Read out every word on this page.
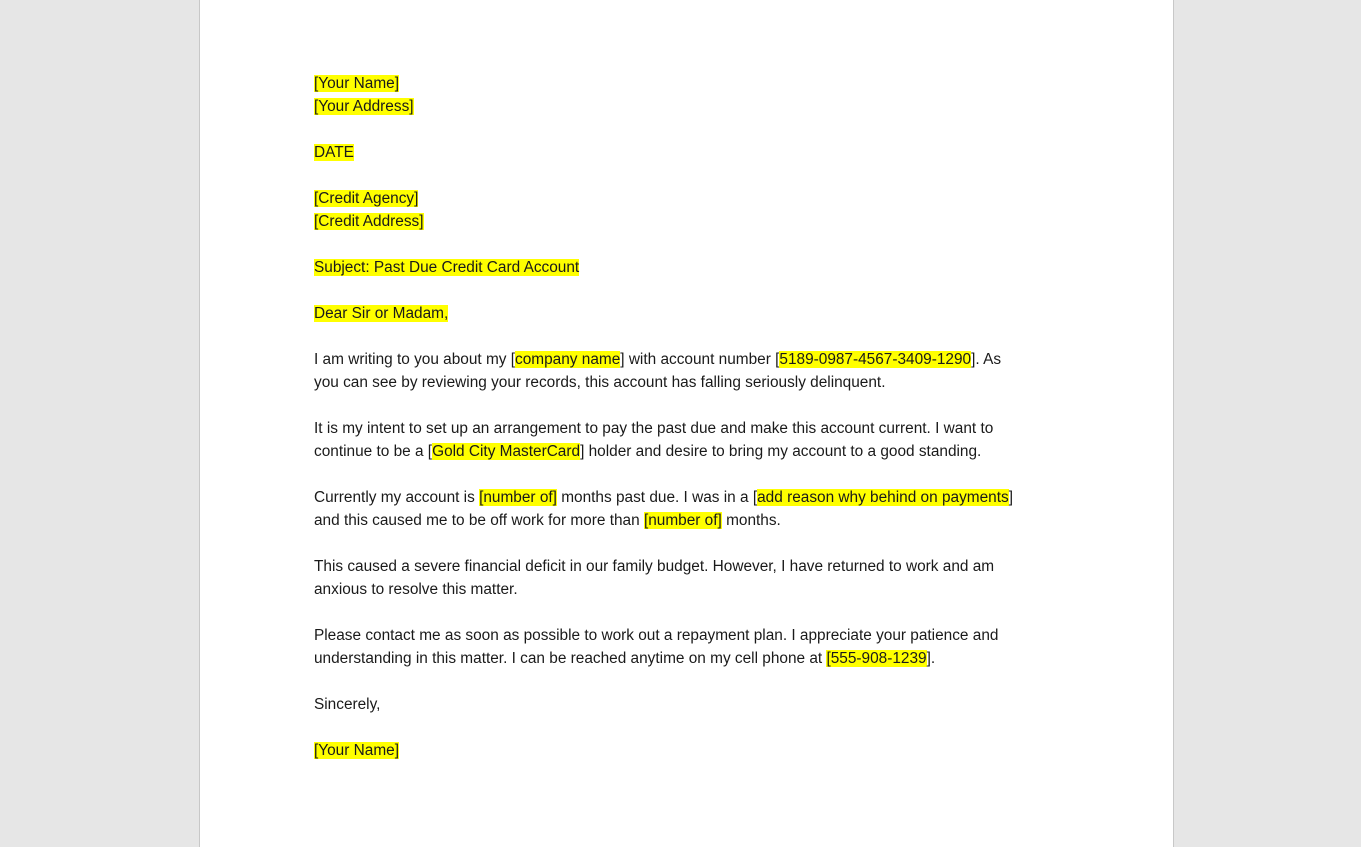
[Your Name]
[Your Address]
DATE
[Credit Agency]
[Credit Address]
Subject: Past Due Credit Card Account
Dear Sir or Madam,
I am writing to you about my [company name] with account number [5189-0987-4567-3409-1290]. As
you can see by reviewing your records, this account has falling seriously delinquent.
It is my intent to set up an arrangement to pay the past due and make this account current. I want to
continue to be a [Gold City MasterCard] holder and desire to bring my account to a good standing.
Currently my account is [number of] months past due. I was in a [add reason why behind on payments]
and this caused me to be off work for more than [number of] months.
This caused a severe financial deficit in our family budget. However, I have returned to work and am
anxious to resolve this matter.
Please contact me as soon as possible to work out a repayment plan. I appreciate your patience and
understanding in this matter. I can be reached anytime on my cell phone at [555-908-1239].
Sincerely,
[Your Name]
